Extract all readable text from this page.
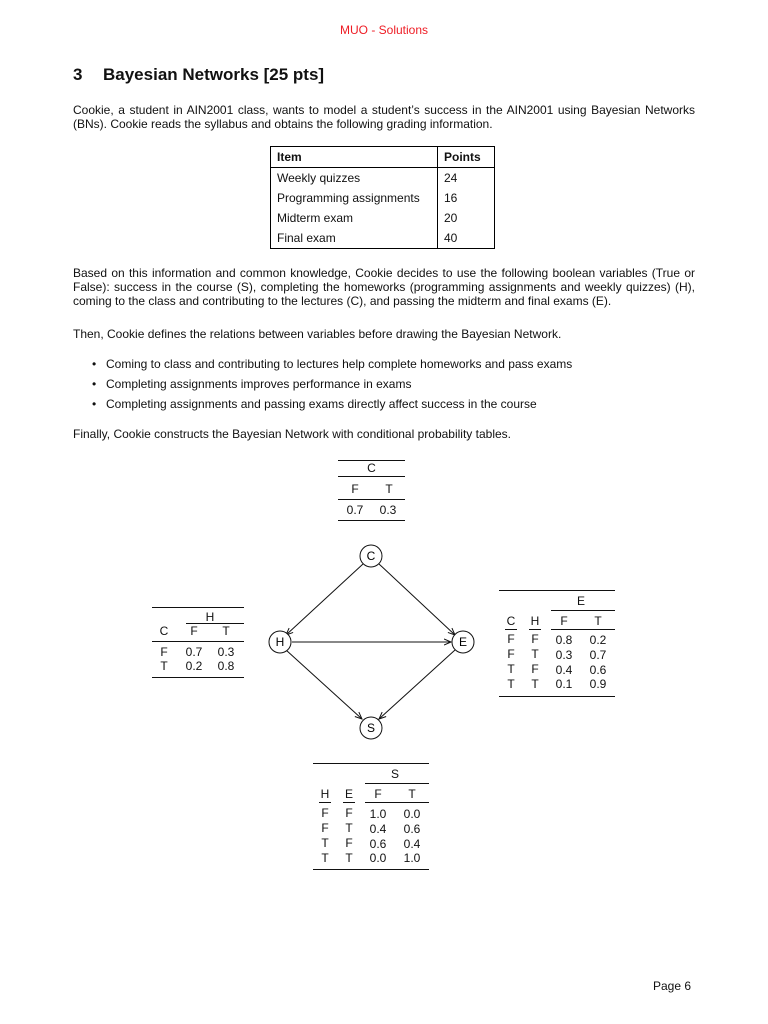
MUO - Solutions
3 Bayesian Networks [25 pts]
Cookie, a student in AIN2001 class, wants to model a student’s success in the AIN2001 using Bayesian Networks (BNs). Cookie reads the syllabus and obtains the following grading information.
Item	Points
Weekly quizzes	24
Programming assignments	16
Midterm exam	20
Final exam	40
Based on this information and common knowledge, Cookie decides to use the following boolean variables (True or False): success in the course (S), completing the homeworks (programming assignments and weekly quizzes) (H), coming to the class and contributing to the lectures (C), and passing the midterm and final exams (E).
Then, Cookie defines the relations between variables before drawing the Bayesian Network.
• Coming to class and contributing to lectures help complete homeworks and pass exams
• Completing assignments improves performance in exams
• Completing assignments and passing exams directly affect success in the course
Finally, Cookie constructs the Bayesian Network with conditional probability tables.
C
F	T
0.7	0.3
C
H	E
S
H
C	F	T
F	0.7	0.3
T	0.2	0.8
E
C	H	F	T
F	F	0.8	0.2
F	T	0.3	0.7
T	F	0.4	0.6
T	T	0.1	0.9
S
H	E	F	T
F	F	1.0	0.0
F	T	0.4	0.6
T	F	0.6	0.4
T	T	0.0	1.0
Page 6
